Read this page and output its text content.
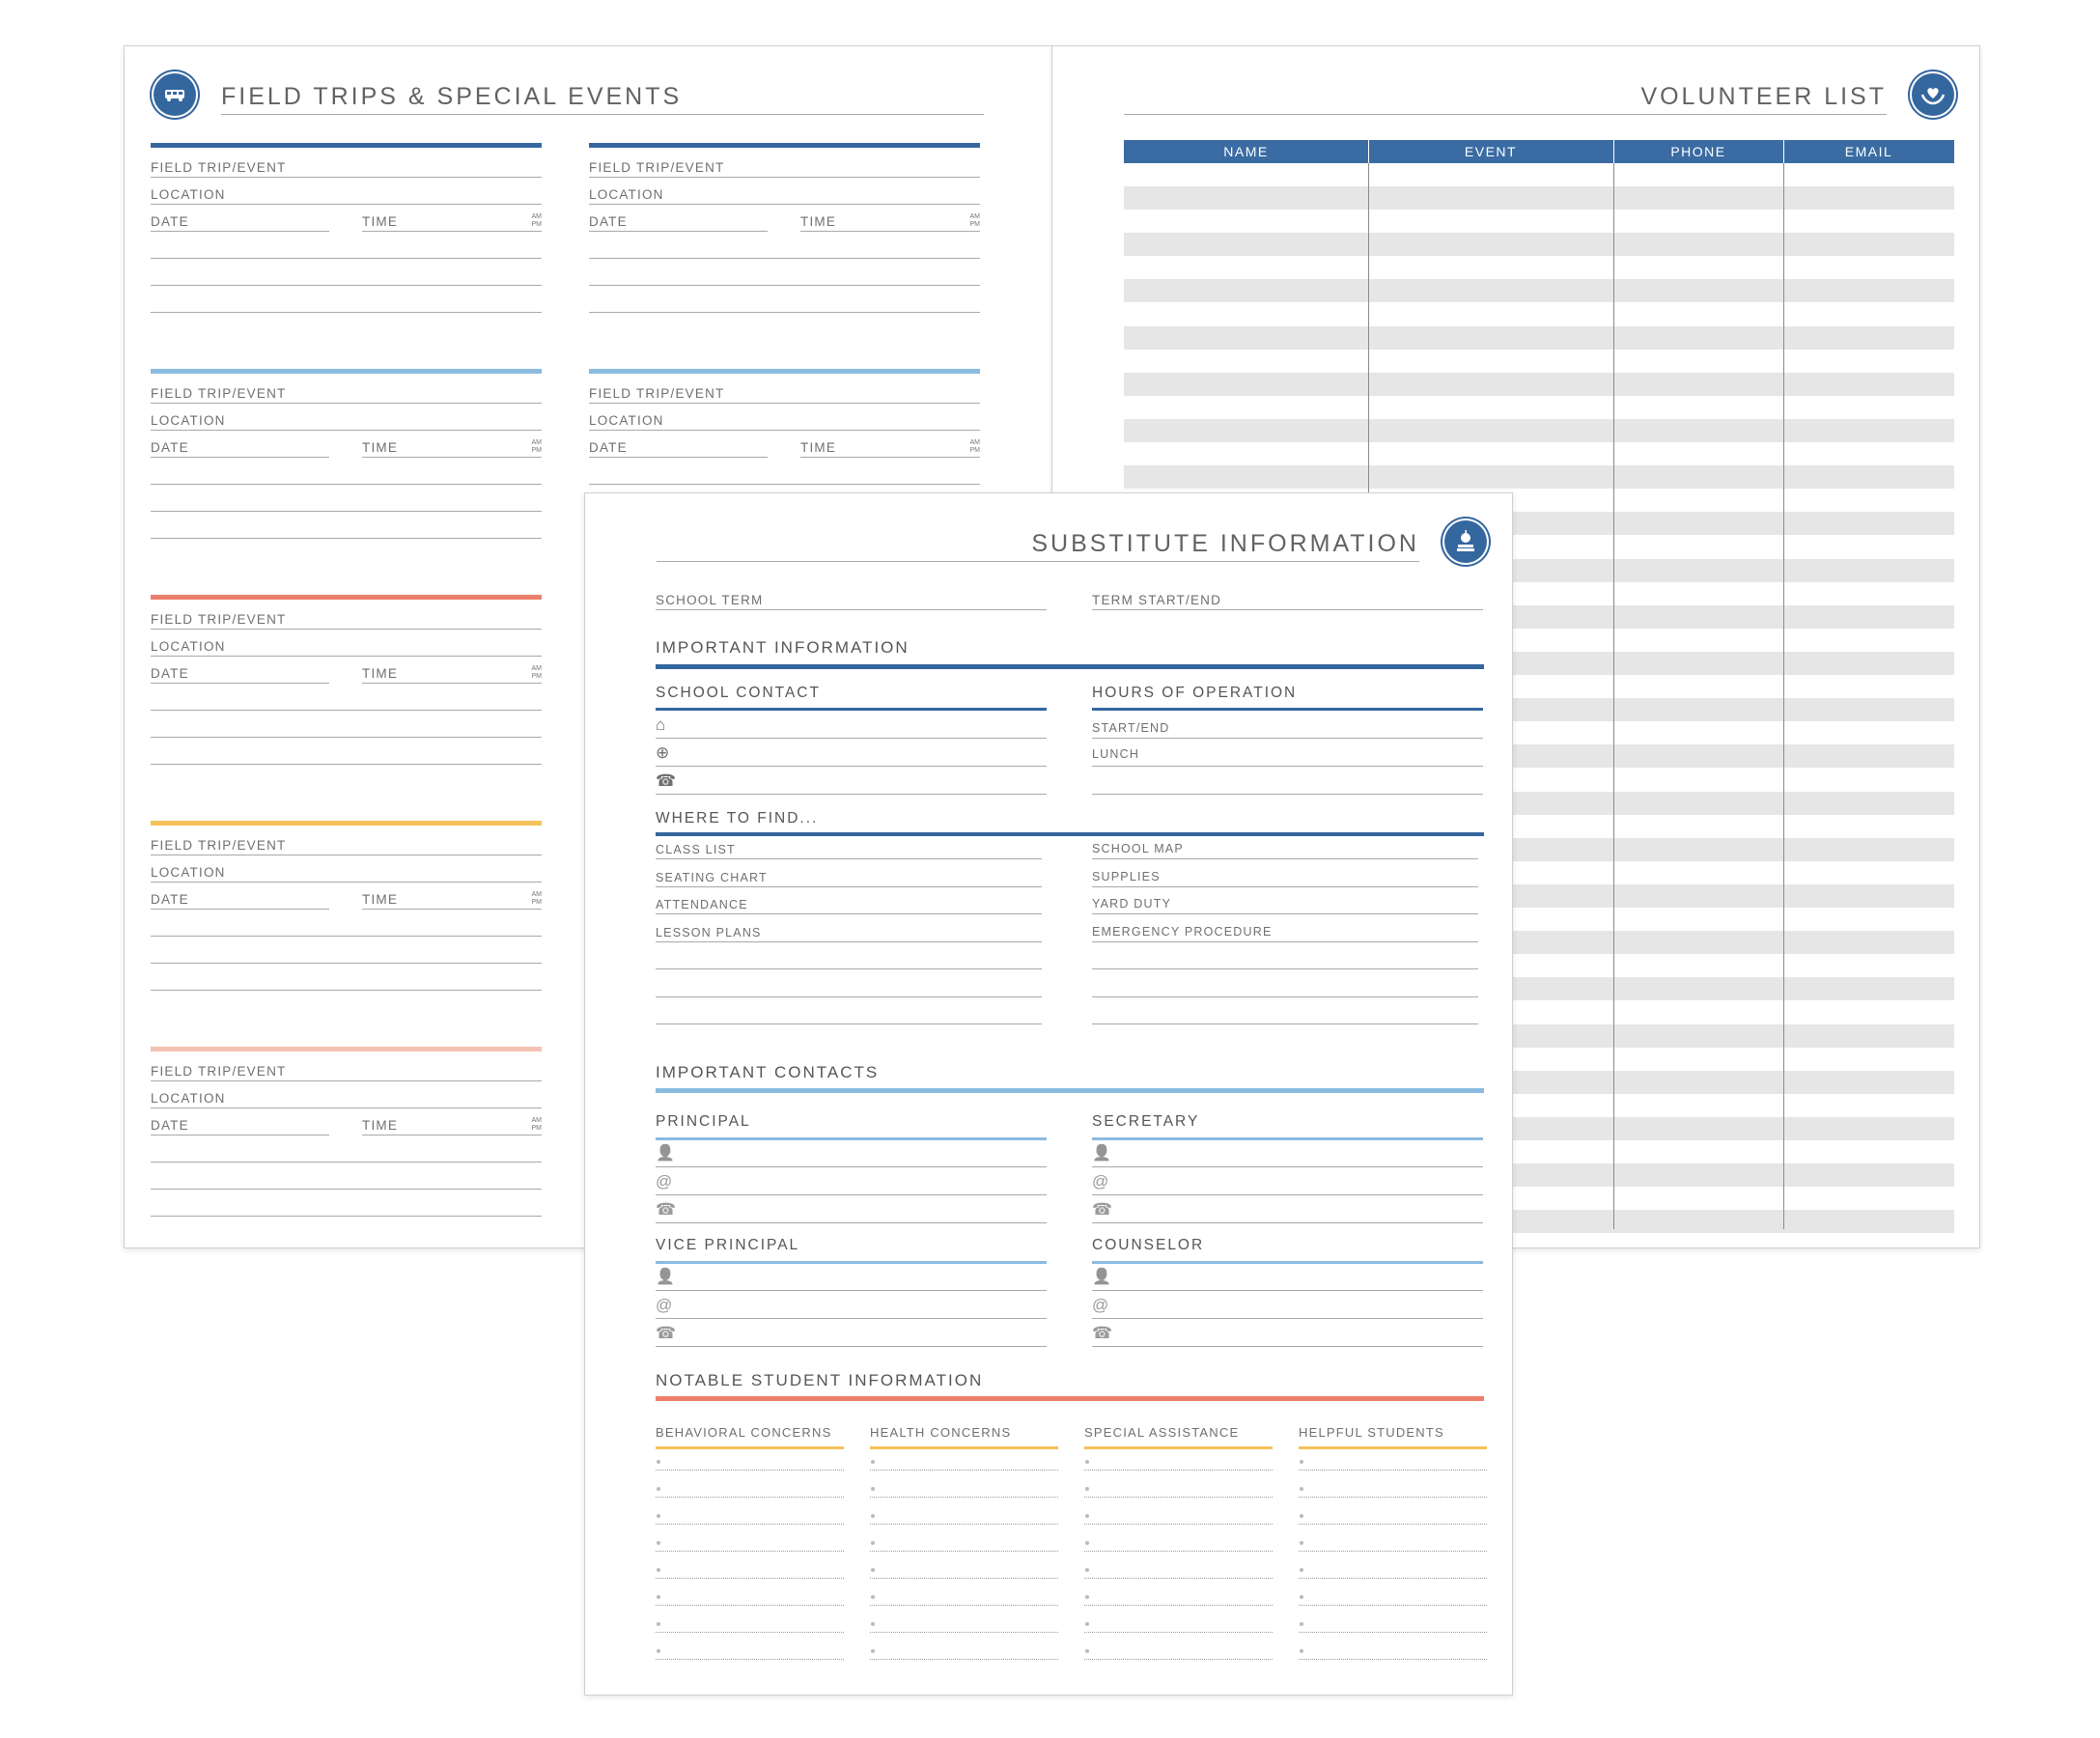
FIELD TRIPS & SPECIAL EVENTS
FIELD TRIP/EVENT
LOCATION
DATE	TIME	AM
PM
FIELD TRIP/EVENT
LOCATION
DATE	TIME	AM
PM
FIELD TRIP/EVENT
LOCATION
DATE	TIME	AM
PM
FIELD TRIP/EVENT
LOCATION
DATE	TIME	AM
PM
FIELD TRIP/EVENT
LOCATION
DATE	TIME	AM
PM
FIELD TRIP/EVENT
LOCATION
DATE	TIME	AM
PM
FIELD TRIP/EVENT
LOCATION
DATE	TIME	AM
PM
VOLUNTEER LIST
NAME	EVENT	PHONE	EMAIL
SUBSTITUTE INFORMATION
SCHOOL TERM	TERM START/END
IMPORTANT INFORMATION
SCHOOL CONTACT
⌂
⊕
☎
HOURS OF OPERATION
START/END
LUNCH
WHERE TO FIND...
IMPORTANT CONTACTS
NOTABLE STUDENT INFORMATION
CLASS LIST	SCHOOL MAP
SEATING CHART	SUPPLIES
ATTENDANCE	YARD DUTY
LESSON PLANS	EMERGENCY PROCEDURE
PRINCIPAL
👤
@
☎
SECRETARY
👤
@
☎
VICE PRINCIPAL
👤
@
☎
COUNSELOR
👤
@
☎
BEHAVIORAL CONCERNS	HEALTH CONCERNS	SPECIAL ASSISTANCE	HELPFUL STUDENTS
